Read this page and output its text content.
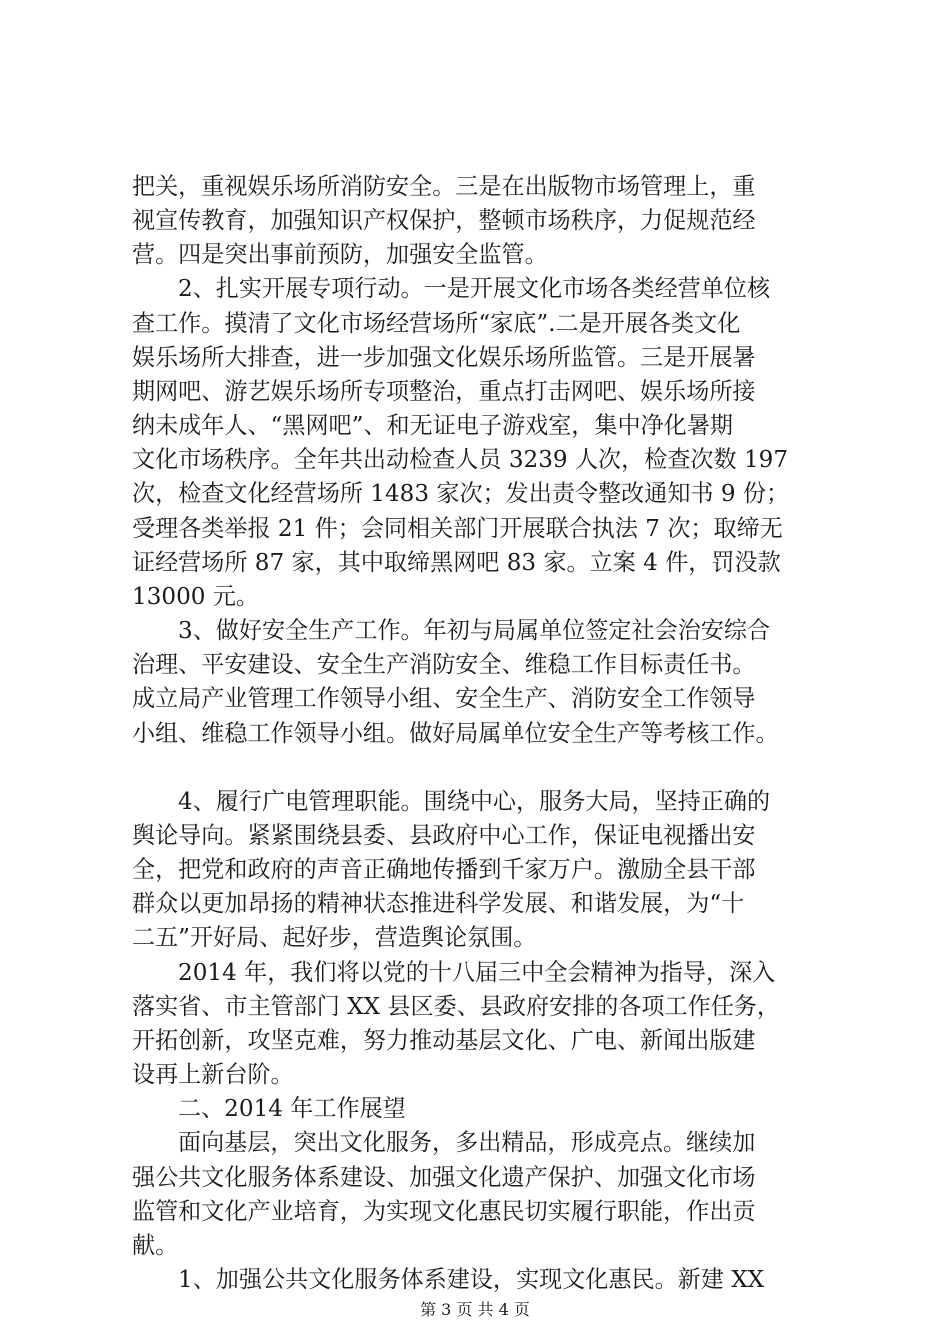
把关，重视娱乐场所消防安全。三是在出版物市场管理上，重
视宣传教育，加强知识产权保护，整顿市场秩序，力促规范经
营。四是突出事前预防，加强安全监管。
2、扎实开展专项行动。一是开展文化市场各类经营单位核
查工作。摸清了文化市场经营场所“家底”.二是开展各类文化
娱乐场所大排查，进一步加强文化娱乐场所监管。三是开展暑
期网吧、游艺娱乐场所专项整治，重点打击网吧、娱乐场所接
纳未成年人、“黑网吧”、和无证电子游戏室，集中净化暑期
文化市场秩序。全年共出动检查人员 3239 人次，检查次数 197
次，检查文化经营场所 1483 家次；发出责令整改通知书 9 份；
受理各类举报 21 件；会同相关部门开展联合执法 7 次；取缔无
证经营场所 87 家，其中取缔黑网吧 83 家。立案 4 件，罚没款
13000 元。
3、做好安全生产工作。年初与局属单位签定社会治安综合
治理、平安建设、安全生产消防安全、维稳工作目标责任书。
成立局产业管理工作领导小组、安全生产、消防安全工作领导
小组、维稳工作领导小组。做好局属单位安全生产等考核工作。
4、履行广电管理职能。围绕中心，服务大局，坚持正确的
舆论导向。紧紧围绕县委、县政府中心工作，保证电视播出安
全，把党和政府的声音正确地传播到千家万户。激励全县干部
群众以更加昂扬的精神状态推进科学发展、和谐发展，为“十
二五”开好局、起好步，营造舆论氛围。
2014 年，我们将以党的十八届三中全会精神为指导，深入
落实省、市主管部门 XX 县区委、县政府安排的各项工作任务，
开拓创新，攻坚克难，努力推动基层文化、广电、新闻出版建
设再上新台阶。
二、2014 年工作展望
面向基层，突出文化服务，多出精品，形成亮点。继续加
强公共文化服务体系建设、加强文化遗产保护、加强文化市场
监管和文化产业培育，为实现文化惠民切实履行职能，作出贡
献。
1、加强公共文化服务体系建设，实现文化惠民。新建 XX
第 3 页 共 4 页
